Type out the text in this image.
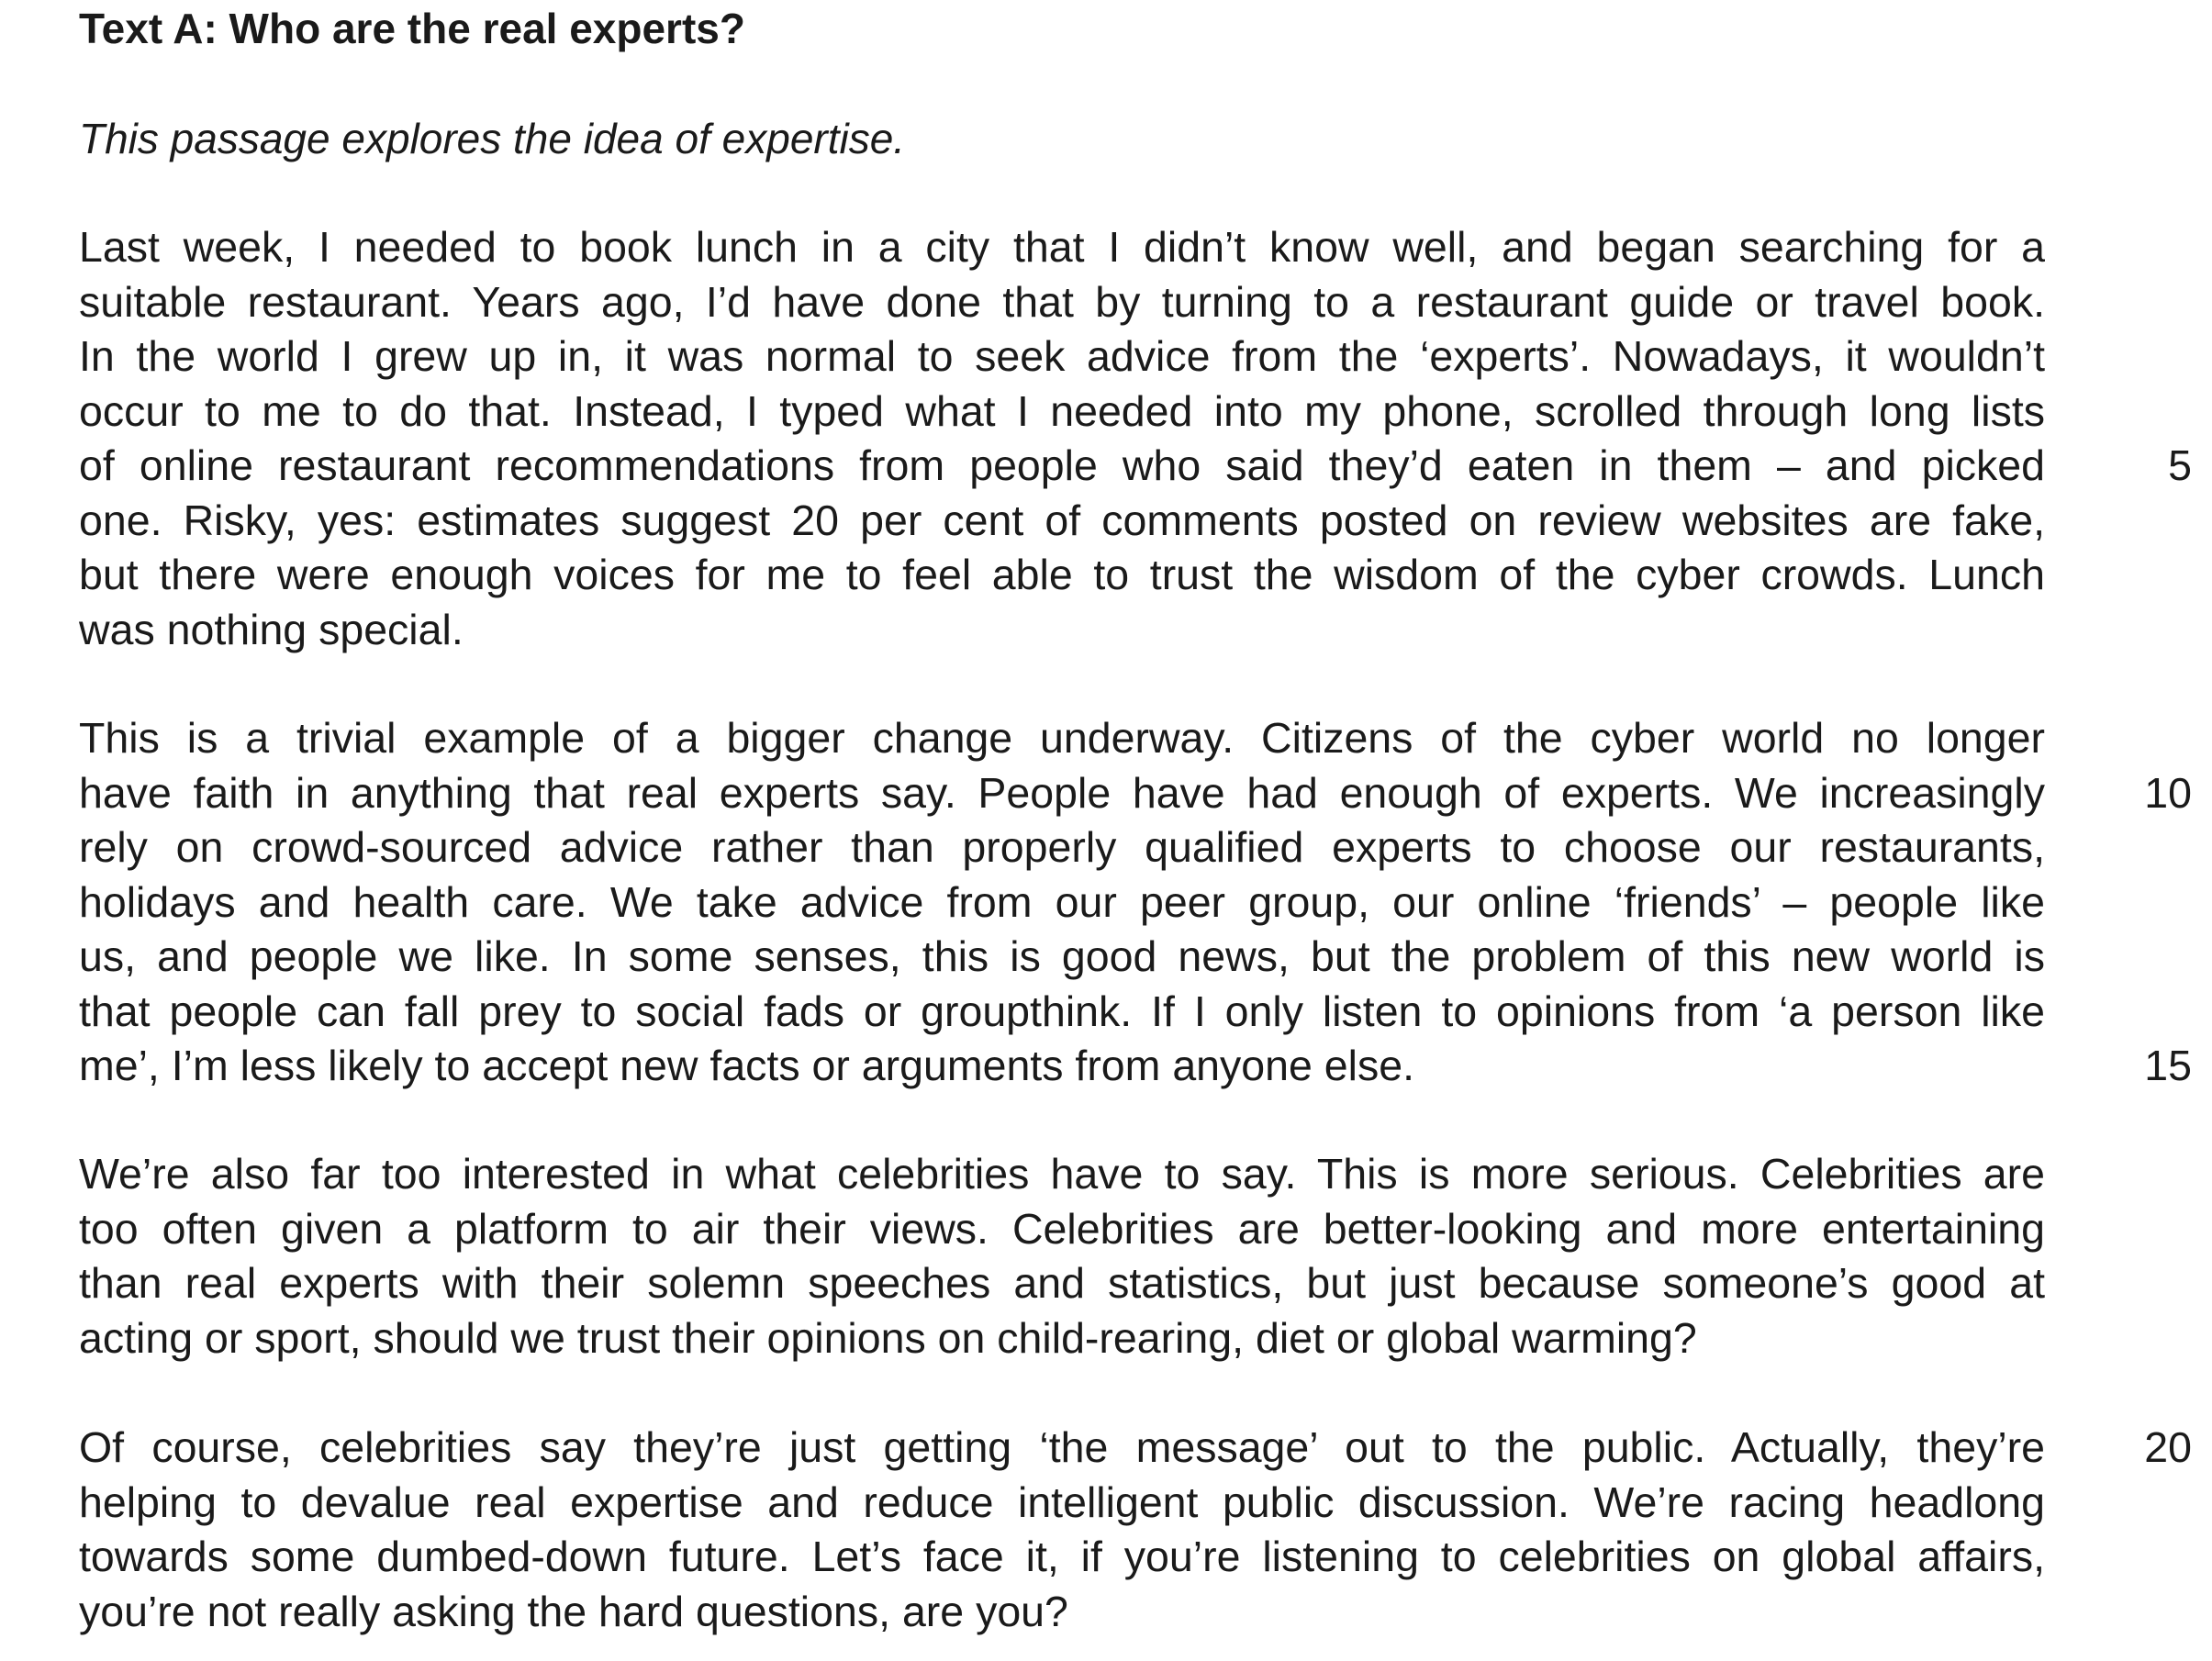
Text A: Who are the real experts?
This passage explores the idea of expertise.
Last week, I needed to book lunch in a city that I didn’t know well, and began searching for a
suitable restaurant. Years ago, I’d have done that by turning to a restaurant guide or travel book.
In the world I grew up in, it was normal to seek advice from the ‘experts’. Nowadays, it wouldn’t
occur to me to do that. Instead, I typed what I needed into my phone, scrolled through long lists
of online restaurant recommendations from people who said they’d eaten in them – and picked
one. Risky, yes: estimates suggest 20 per cent of comments posted on review websites are fake,
but there were enough voices for me to feel able to trust the wisdom of the cyber crowds. Lunch
was nothing special.
This is a trivial example of a bigger change underway. Citizens of the cyber world no longer
have faith in anything that real experts say. People have had enough of experts. We increasingly
rely on crowd-sourced advice rather than properly qualified experts to choose our restaurants,
holidays and health care. We take advice from our peer group, our online ‘friends’ – people like
us, and people we like. In some senses, this is good news, but the problem of this new world is
that people can fall prey to social fads or groupthink. If I only listen to opinions from ‘a person like
me’, I’m less likely to accept new facts or arguments from anyone else.
We’re also far too interested in what celebrities have to say. This is more serious. Celebrities are
too often given a platform to air their views. Celebrities are better-looking and more entertaining
than real experts with their solemn speeches and statistics, but just because someone’s good at
acting or sport, should we trust their opinions on child-rearing, diet or global warming?
Of course, celebrities say they’re just getting ‘the message’ out to the public. Actually, they’re
helping to devalue real expertise and reduce intelligent public discussion. We’re racing headlong
towards some dumbed-down future. Let’s face it, if you’re listening to celebrities on global affairs,
you’re not really asking the hard questions, are you?
5
10
15
20
